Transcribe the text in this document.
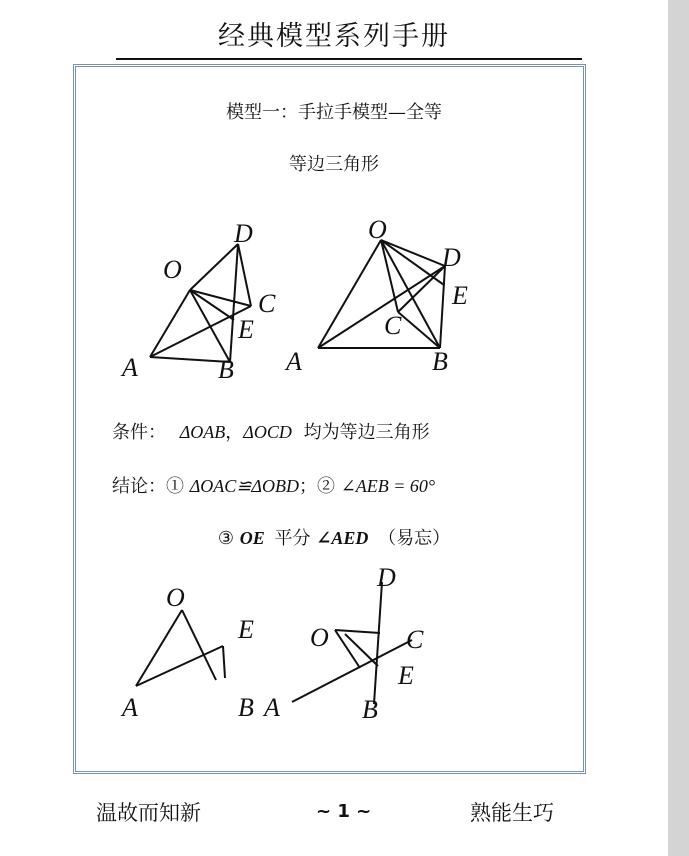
经典模型系列手册
模型一：手拉手模型—全等
等边三角形
O
D
C
E
A	B
O
D
E
C
A	B
条件： ΔOAB，ΔOCD 均为等边三角形
结论：① ΔOAC≌ΔOBD；② ∠AEB = 60°
③ OE 平分 ∠AED （易忘）
O
E
A	B
D
O	C
E
A	B
温故而知新	~ 1 ~	熟能生巧
